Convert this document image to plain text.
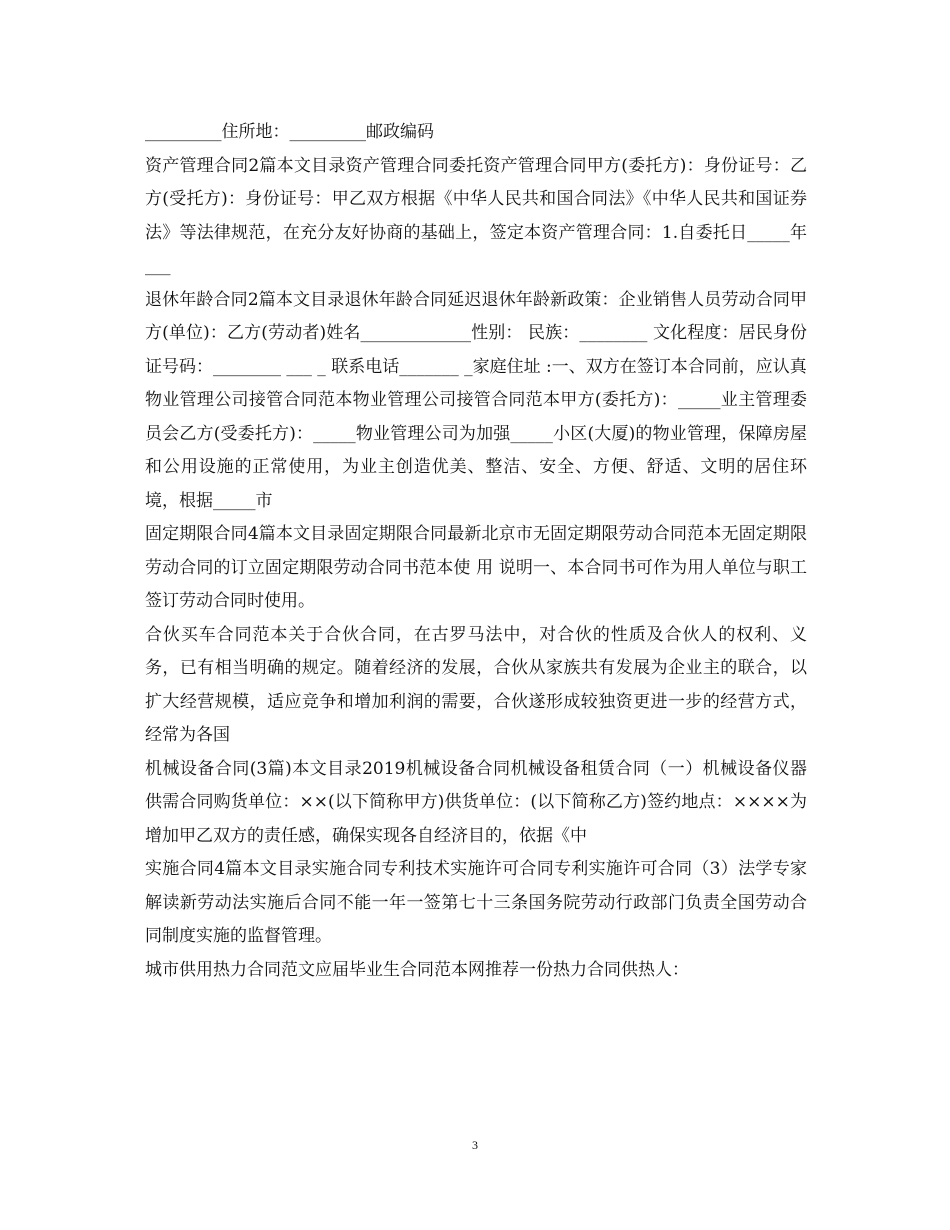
_________住所地：_________邮政编码

资产管理合同2篇本文目录资产管理合同委托资产管理合同甲方(委托方)：身份证号：乙方(受托方)：身份证号：甲乙双方根据《中华人民共和国合同法》《中华人民共和国证券法》等法律规范，在充分友好协商的基础上，签定本资产管理合同：1.自委托日_____年___

退休年龄合同2篇本文目录退休年龄合同延迟退休年龄新政策：企业销售人员劳动合同甲方(单位)：乙方(劳动者)姓名_____________性别： 民族：________ 文化程度：居民身份证号码：________ ___ _ 联系电话_______ _家庭住址 :一、双方在签订本合同前，应认真

物业管理公司接管合同范本物业管理公司接管合同范本甲方(委托方)：_____业主管理委员会乙方(受委托方)：_____物业管理公司为加强_____小区(大厦)的物业管理，保障房屋和公用设施的正常使用，为业主创造优美、整洁、安全、方便、舒适、文明的居住环境，根据_____市

固定期限合同4篇本文目录固定期限合同最新北京市无固定期限劳动合同范本无固定期限劳动合同的订立固定期限劳动合同书范本使 用 说明一、本合同书可作为用人单位与职工签订劳动合同时使用。

合伙买车合同范本关于合伙合同，在古罗马法中，对合伙的性质及合伙人的权利、义务，已有相当明确的规定。随着经济的发展，合伙从家族共有发展为企业主的联合，以扩大经营规模，适应竞争和增加利润的需要，合伙遂形成较独资更进一步的经营方式，经常为各国

机械设备合同(3篇)本文目录2019机械设备合同机械设备租赁合同（一）机械设备仪器供需合同购货单位：××(以下简称甲方)供货单位：(以下简称乙方)签约地点：××××为增加甲乙双方的责任感，确保实现各自经济目的，依据《中

实施合同4篇本文目录实施合同专利技术实施许可合同专利实施许可合同（3）法学专家解读新劳动法实施后合同不能一年一签第七十三条国务院劳动行政部门负责全国劳动合同制度实施的监督管理。

城市供用热力合同范文应届毕业生合同范本网推荐一份热力合同供热人：

3
